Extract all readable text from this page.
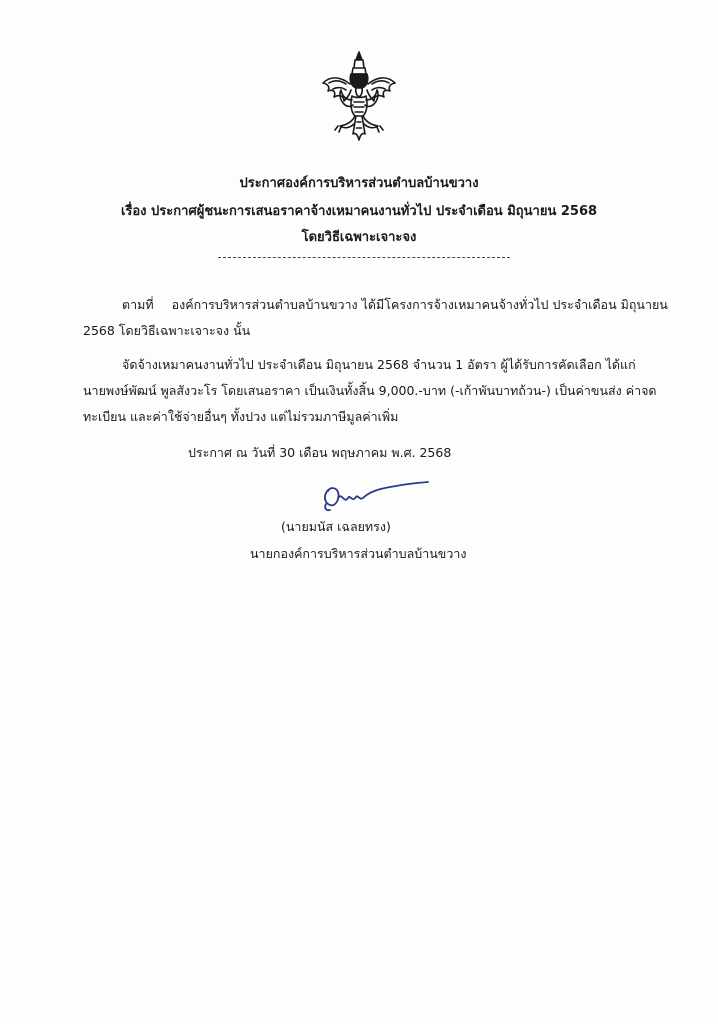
ประกาศองค์การบริหารส่วนตำบลบ้านขวาง
เรื่อง ประกาศผู้ชนะการเสนอราคาจ้างเหมาคนงานทั่วไป ประจำเดือน มิถุนายน 2568
โดยวิธีเฉพาะเจาะจง
ตามที่ องค์การบริหารส่วนตำบลบ้านขวาง ได้มีโครงการจ้างเหมาคนจ้างทั่วไป ประจำเดือน มิถุนายน
2568 โดยวิธีเฉพาะเจาะจง นั้น
จัดจ้างเหมาคนงานทั่วไป ประจำเดือน มิถุนายน 2568 จำนวน 1 อัตรา ผู้ได้รับการคัดเลือก ได้แก่
นายพงษ์พัฒน์ พูลสังวะโร โดยเสนอราคา เป็นเงินทั้งสิ้น 9,000.-บาท (-เก้าพันบาทถ้วน-) เป็นค่าขนส่ง ค่าจด
ทะเบียน และค่าใช้จ่ายอื่นๆ ทั้งปวง แต่ไม่รวมภาษีมูลค่าเพิ่ม
ประกาศ ณ วันที่ 30 เดือน พฤษภาคม พ.ศ. 2568
(นายมนัส เฉลยทรง)
นายกองค์การบริหารส่วนตำบลบ้านขวาง
